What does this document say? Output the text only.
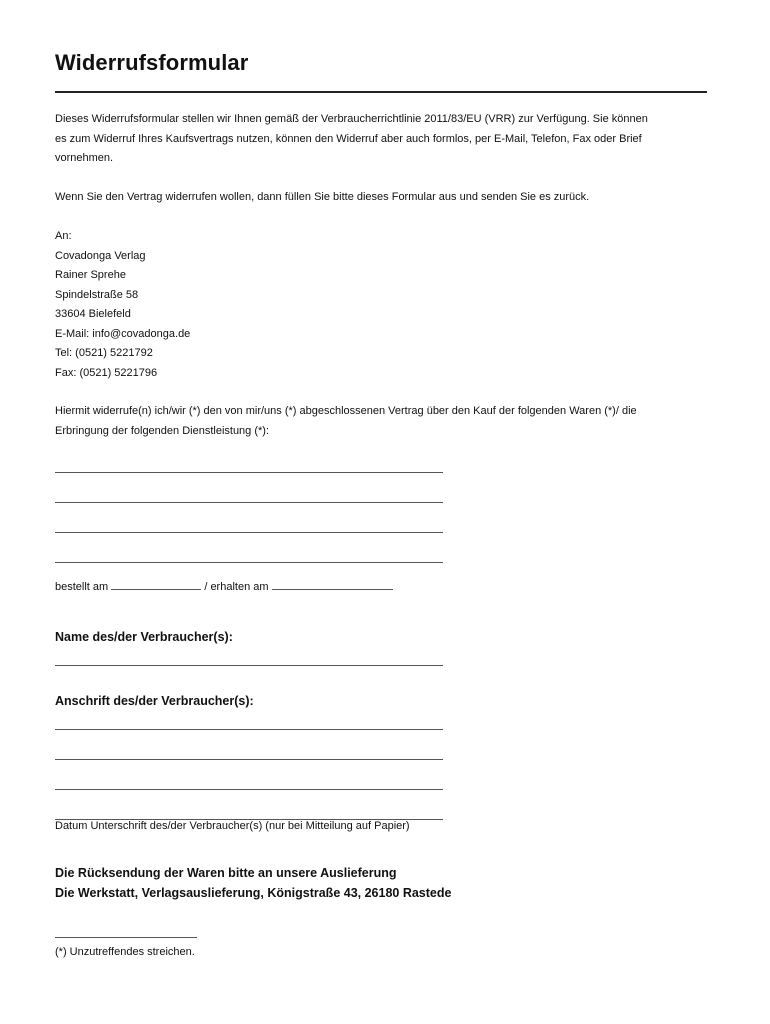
Widerrufsformular
Dieses Widerrufsformular stellen wir Ihnen gemäß der Verbraucherrichtlinie 2011/83/EU (VRR) zur Verfügung. Sie können
es zum Widerruf Ihres Kaufsvertrags nutzen, können den Widerruf aber auch formlos, per E-Mail, Telefon, Fax oder Brief
vornehmen.
Wenn Sie den Vertrag widerrufen wollen, dann füllen Sie bitte dieses Formular aus und senden Sie es zurück.
An:
Covadonga Verlag
Rainer Sprehe
Spindelstraße 58
33604 Bielefeld
E-Mail: info@covadonga.de
Tel: (0521) 5221792
Fax: (0521) 5221796
Hiermit widerrufe(n) ich/wir (*) den von mir/uns (*) abgeschlossenen Vertrag über den Kauf der folgenden Waren (*)/ die
Erbringung der folgenden Dienstleistung (*):
bestellt am	/ erhalten am
Name des/der Verbraucher(s):
Anschrift des/der Verbraucher(s):
Datum Unterschrift des/der Verbraucher(s) (nur bei Mitteilung auf Papier)
Die Rücksendung der Waren bitte an unsere Auslieferung
Die Werkstatt, Verlagsauslieferung, Königstraße 43, 26180 Rastede
(*) Unzutreffendes streichen.
